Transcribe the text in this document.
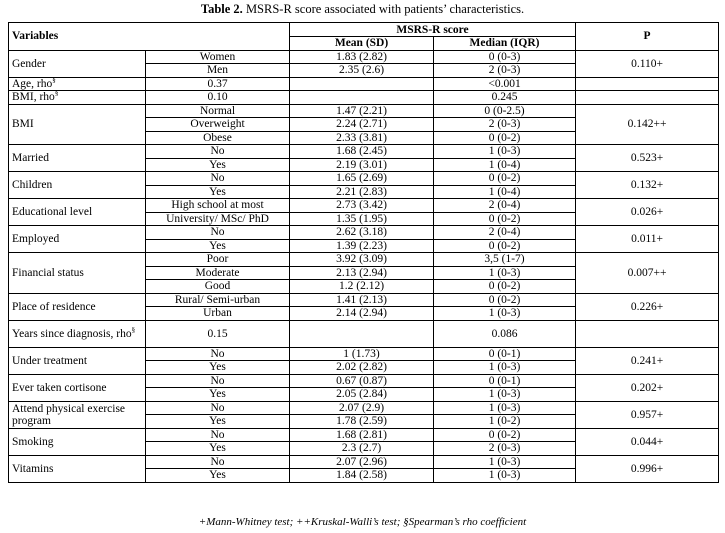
Table 2. MSRS-R score associated with patients’ characteristics.
Variables		MSRS-R score		P
		Mean (SD)	Median (IQR)	
Gender	Women	1.83 (2.82)	0 (0-3)	0.110+
	Men	2.35 (2.6)	2 (0-3)	
Age, rho§	0.37		<0.001	
BMI, rho§	0.10		0.245	
BMI	Normal	1.47 (2.21)	0 (0-2.5)	0.142++
	Overweight	2.24 (2.71)	2 (0-3)	
	Obese	2.33 (3.81)	0 (0-2)	
Married	No	1.68 (2.45)	1 (0-3)	0.523+
	Yes	2.19 (3.01)	1 (0-4)	
Children	No	1.65 (2.69)	0 (0-2)	0.132+
	Yes	2.21 (2.83)	1 (0-4)	
Educational level	High school at most	2.73 (3.42)	2 (0-4)	0.026+
	University/ MSc/ PhD	1.35 (1.95)	0 (0-2)	
Employed	No	2.62 (3.18)	2 (0-4)	0.011+
	Yes	1.39 (2.23)	0 (0-2)	
Financial status	Poor	3.92 (3.09)	3,5 (1-7)	0.007++
	Moderate	2.13 (2.94)	1 (0-3)	
	Good	1.2 (2.12)	0 (0-2)	
Place of residence	Rural/ Semi-urban	1.41 (2.13)	0 (0-2)	0.226+
	Urban	2.14 (2.94)	1 (0-3)	
Years since diagnosis, rho§	0.15		0.086	
Under treatment	No	1 (1.73)	0 (0-1)	0.241+
	Yes	2.02 (2.82)	1 (0-3)	
Ever taken cortisone	No	0.67 (0.87)	0 (0-1)	0.202+
	Yes	2.05 (2.84)	1 (0-3)	
Attend physical exercise program	No	2.07 (2.9)	1 (0-3)	0.957+
	Yes	1.78 (2.59)	1 (0-2)	
Smoking	No	1.68 (2.81)	0 (0-2)	0.044+
	Yes	2.3 (2.7)	2 (0-3)	
Vitamins	No	2.07 (2.96)	1 (0-3)	0.996+
	Yes	1.84 (2.58)	1 (0-3)	
+Mann-Whitney test; ++Kruskal-Walli’s test; §Spearman’s rho coefficient
